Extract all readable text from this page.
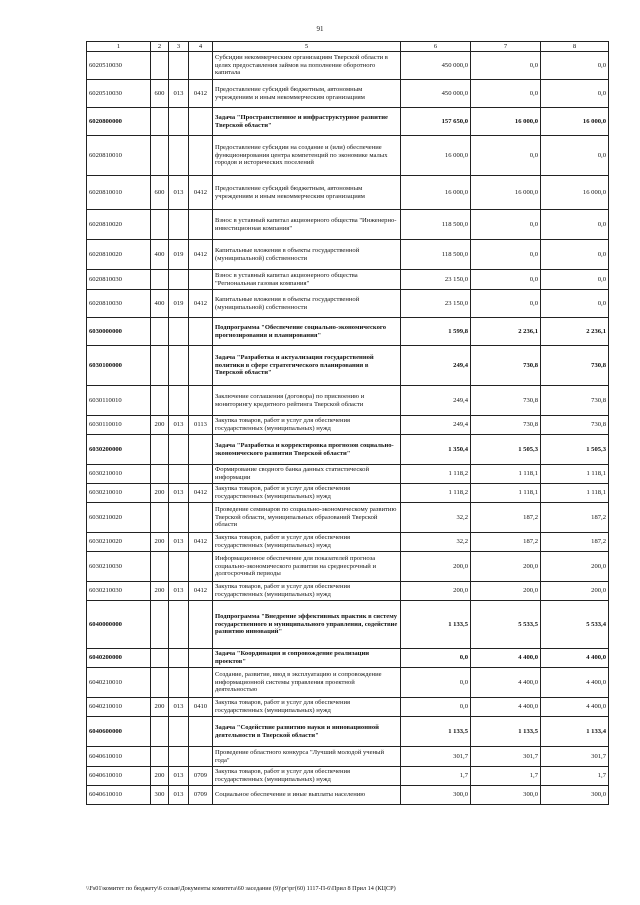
91
1	2	3	4	5	6	7	8
6020510030				Субсидии некоммерческим организациям Тверской области в целях предоставления займов на пополнение оборотного капитала	450 000,0	0,0	0,0
6020510030	600	013	0412	Предоставление субсидий бюджетным, автономным учреждениям и иным некоммерческим организациям	450 000,0	0,0	0,0
6020800000				Задача "Пространственное и инфраструктурное развитие Тверской области"	157 650,0	16 000,0	16 000,0
6020810010				Предоставление субсидии на создание и (или) обеспечение функционирования центра компетенций по экономике малых городов и исторических поселений	16 000,0	0,0	0,0
6020810010	600	013	0412	Предоставление субсидий бюджетным, автономным учреждениям и иным некоммерческим организациям	16 000,0	16 000,0	16 000,0
6020810020				Взнос в уставный капитал акционерного общества "Инженерно-инвестиционная компания"	118 500,0	0,0	0,0
6020810020	400	019	0412	Капитальные вложения в объекты государственной (муниципальной) собственности	118 500,0	0,0	0,0
6020810030				Взнос в уставный капитал акционерного общества "Региональная газовая компания"	23 150,0	0,0	0,0
6020810030	400	019	0412	Капитальные вложения в объекты государственной (муниципальной) собственности	23 150,0	0,0	0,0
6030000000				Подпрограмма "Обеспечение социально-экономического прогнозирования и планирования"	1 599,8	2 236,1	2 236,1
6030100000				Задача "Разработка и актуализация государственной политики в сфере стратегического планирования в Тверской области"	249,4	730,8	730,8
6030110010				Заключение соглашения (договора) по присвоению и мониторингу кредитного рейтинга Тверской области	249,4	730,8	730,8
6030110010	200	013	0113	Закупка товаров, работ и услуг для обеспечения государственных (муниципальных) нужд	249,4	730,8	730,8
6030200000				Задача "Разработка и корректировка прогнозов социально-экономического развития Тверской области"	1 350,4	1 505,3	1 505,3
6030210010				Формирование сводного банка данных статистической информации	1 118,2	1 118,1	1 118,1
6030210010	200	013	0412	Закупка товаров, работ и услуг для обеспечения государственных (муниципальных) нужд	1 118,2	1 118,1	1 118,1
6030210020				Проведение семинаров по социально-экономическому развитию Тверской области, муниципальных образований Тверской области	32,2	187,2	187,2
6030210020	200	013	0412	Закупка товаров, работ и услуг для обеспечения государственных (муниципальных) нужд	32,2	187,2	187,2
6030210030				Информационное обеспечение для показателей прогноза социально-экономического развития на среднесрочный и долгосрочный периоды	200,0	200,0	200,0
6030210030	200	013	0412	Закупка товаров, работ и услуг для обеспечения государственных (муниципальных) нужд	200,0	200,0	200,0
6040000000				Подпрограмма "Внедрение эффективных практик в систему государственного и муниципального управления, содействие развитию инноваций"	1 133,5	5 533,5	5 533,4
6040200000				Задача "Координация и сопровождение реализации проектов"	0,0	4 400,0	4 400,0
6040210010				Создание, развитие, ввод в эксплуатацию и сопровождение информационной системы управления проектной деятельностью	0,0	4 400,0	4 400,0
6040210010	200	013	0410	Закупка товаров, работ и услуг для обеспечения государственных (муниципальных) нужд	0,0	4 400,0	4 400,0
6040600000				Задача "Содействие развитию науки и инновационной деятельности в Тверской области"	1 133,5	1 133,5	1 133,4
6040610010				Проведение областного конкурса "Лучший молодой ученый года"	301,7	301,7	301,7
6040610010	200	013	0709	Закупка товаров, работ и услуг для обеспечения государственных (муниципальных) нужд	1,7	1,7	1,7
6040610010	300	013	0709	Социальное обеспечение и иные выплаты населению	300,0	300,0	300,0
\\Fs01\комитет по бюджету\6 созыв\Документы комитета\60 заседание (9)\рг\рг(60) 1117-П-6\Прил 8 Прил 14 (КЦСР)
